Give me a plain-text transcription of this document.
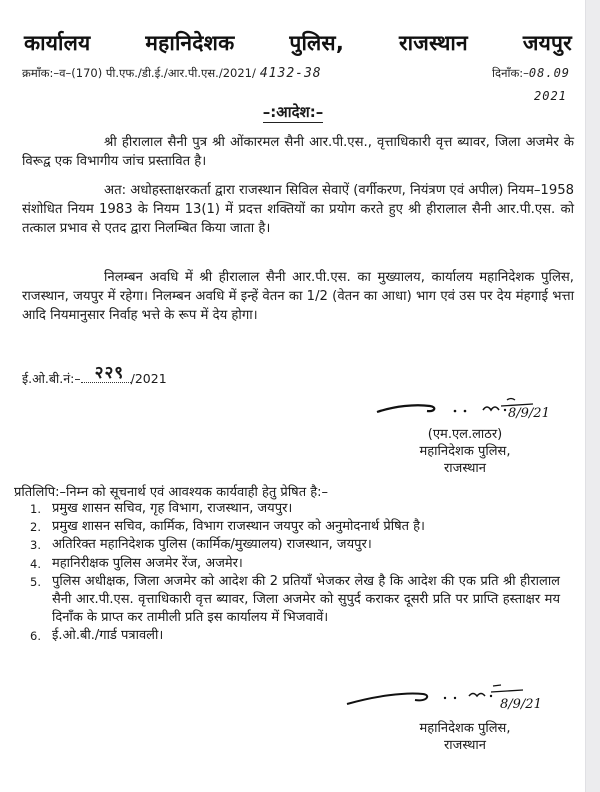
कार्यालय	महानिदेशक	पुलिस,	राजस्थान	जयपुर
क्रमाँक:–व–(170) पी.एफ./डी.ई./आर.पी.एस./2021/ 4132-38	दिनाँक:–08.09
2021
–:आदेश:–
श्री हीरालाल सैनी पुत्र श्री ओंकारमल सैनी आर.पी.एस., वृत्ताधिकारी वृत्त ब्यावर, जिला अजमेर के विरूद्व एक विभागीय जांच प्रस्तावित है।
अत: अधोहस्ताक्षरकर्ता द्वारा राजस्थान सिविल सेवाऐं (वर्गीकरण, नियंत्रण एवं अपील) नियम–1958 संशोधित नियम 1983 के नियम 13(1) में प्रदत्त शक्तियों का प्रयोग करते हुए श्री हीरालाल सैनी आर.पी.एस. को तत्काल प्रभाव से एतद द्वारा निलम्बित किया जाता है।
निलम्बन अवधि में श्री हीरालाल सैनी आर.पी.एस. का मुख्यालय, कार्यालय महानिदेशक पुलिस, राजस्थान, जयपुर में रहेगा। निलम्बन अवधि में इन्हें वेतन का 1/2 (वेतन का आधा) भाग एवं उस पर देय मंहगाई भत्ता आदि नियमानुसार निर्वाह भत्ते के रूप में देय होगा।
ई.ओ.बी.नं:– २२९ /2021
8/9/21
(एम.एल.लाठर)
महानिदेशक पुलिस,
राजस्थान
प्रतिलिपि:–निम्न को सूचनार्थ एवं आवश्यक कार्यवाही हेतु प्रेषित है:–
1. प्रमुख शासन सचिव, गृह विभाग, राजस्थान, जयपुर।
2. प्रमुख शासन सचिव, कार्मिक, विभाग राजस्थान जयपुर को अनुमोदनार्थ प्रेषित है।
3. अतिरिक्त महानिदेशक पुलिस (कार्मिक/मुख्यालय) राजस्थान, जयपुर।
4. महानिरीक्षक पुलिस अजमेर रेंज, अजमेर।
5. पुलिस अधीक्षक, जिला अजमेर को आदेश की 2 प्रतियाँ भेजकर लेख है कि आदेश की एक प्रति श्री हीरालाल सैनी आर.पी.एस. वृत्ताधिकारी वृत्त ब्यावर, जिला अजमेर को सुपुर्द कराकर दूसरी प्रति पर प्राप्ति हस्ताक्षर मय दिनाँक के प्राप्त कर तामीली प्रति इस कार्यालय में भिजवावें।
6. ई.ओ.बी./गार्ड पत्रावली।
8/9/21
महानिदेशक पुलिस,
राजस्थान
